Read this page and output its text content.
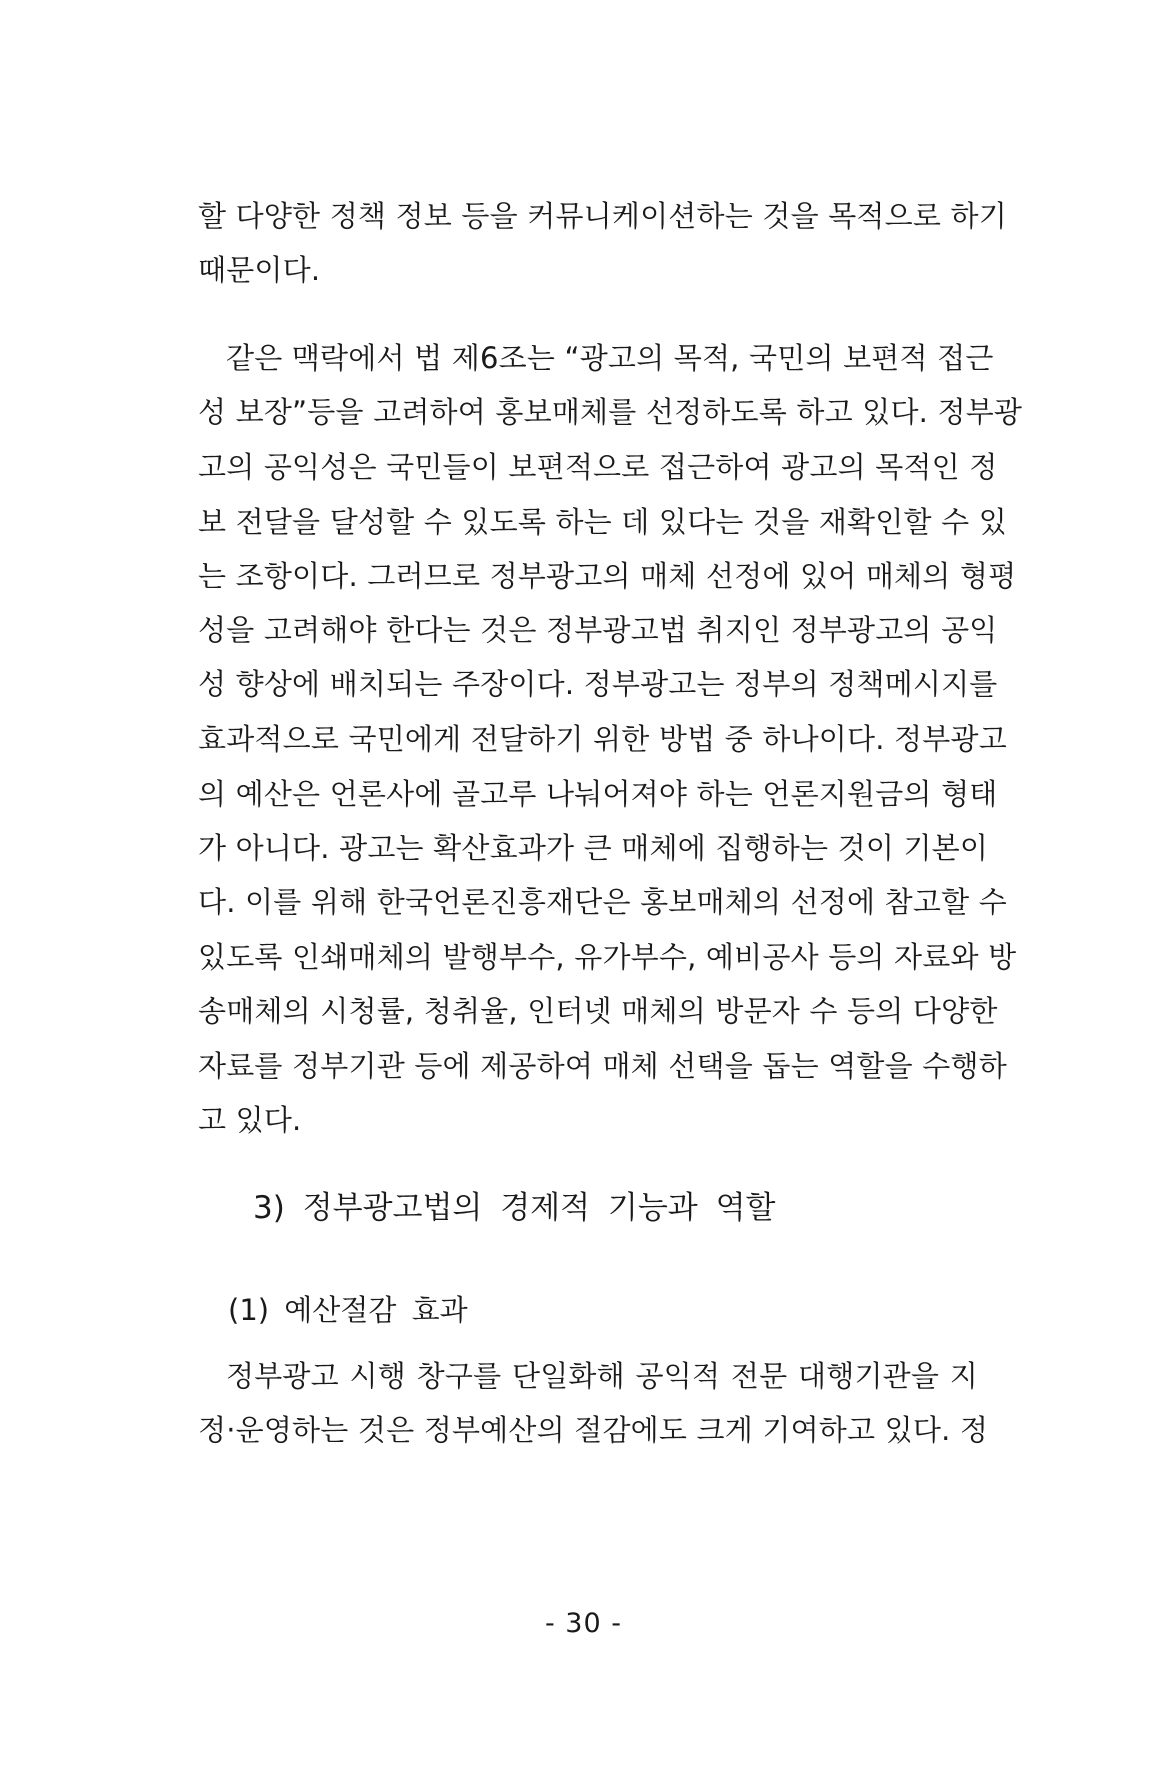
할 다양한 정책 정보 등을 커뮤니케이션하는 것을 목적으로 하기
때문이다.
같은 맥락에서 법 제6조는 “광고의 목적, 국민의 보편적 접근
성 보장”등을 고려하여 홍보매체를 선정하도록 하고 있다. 정부광
고의 공익성은 국민들이 보편적으로 접근하여 광고의 목적인 정
보 전달을 달성할 수 있도록 하는 데 있다는 것을 재확인할 수 있
는 조항이다. 그러므로 정부광고의 매체 선정에 있어 매체의 형평
성을 고려해야 한다는 것은 정부광고법 취지인 정부광고의 공익
성 향상에 배치되는 주장이다. 정부광고는 정부의 정책메시지를
효과적으로 국민에게 전달하기 위한 방법 중 하나이다. 정부광고
의 예산은 언론사에 골고루 나눠어져야 하는 언론지원금의 형태
가 아니다. 광고는 확산효과가 큰 매체에 집행하는 것이 기본이
다. 이를 위해 한국언론진흥재단은 홍보매체의 선정에 참고할 수
있도록 인쇄매체의 발행부수, 유가부수, 예비공사 등의 자료와 방
송매체의 시청률, 청취율, 인터넷 매체의 방문자 수 등의 다양한
자료를 정부기관 등에 제공하여 매체 선택을 돕는 역할을 수행하
고 있다.
3) 정부광고법의 경제적 기능과 역할
(1) 예산절감 효과
정부광고 시행 창구를 단일화해 공익적 전문 대행기관을 지
정·운영하는 것은 정부예산의 절감에도 크게 기여하고 있다. 정
- 30 -
